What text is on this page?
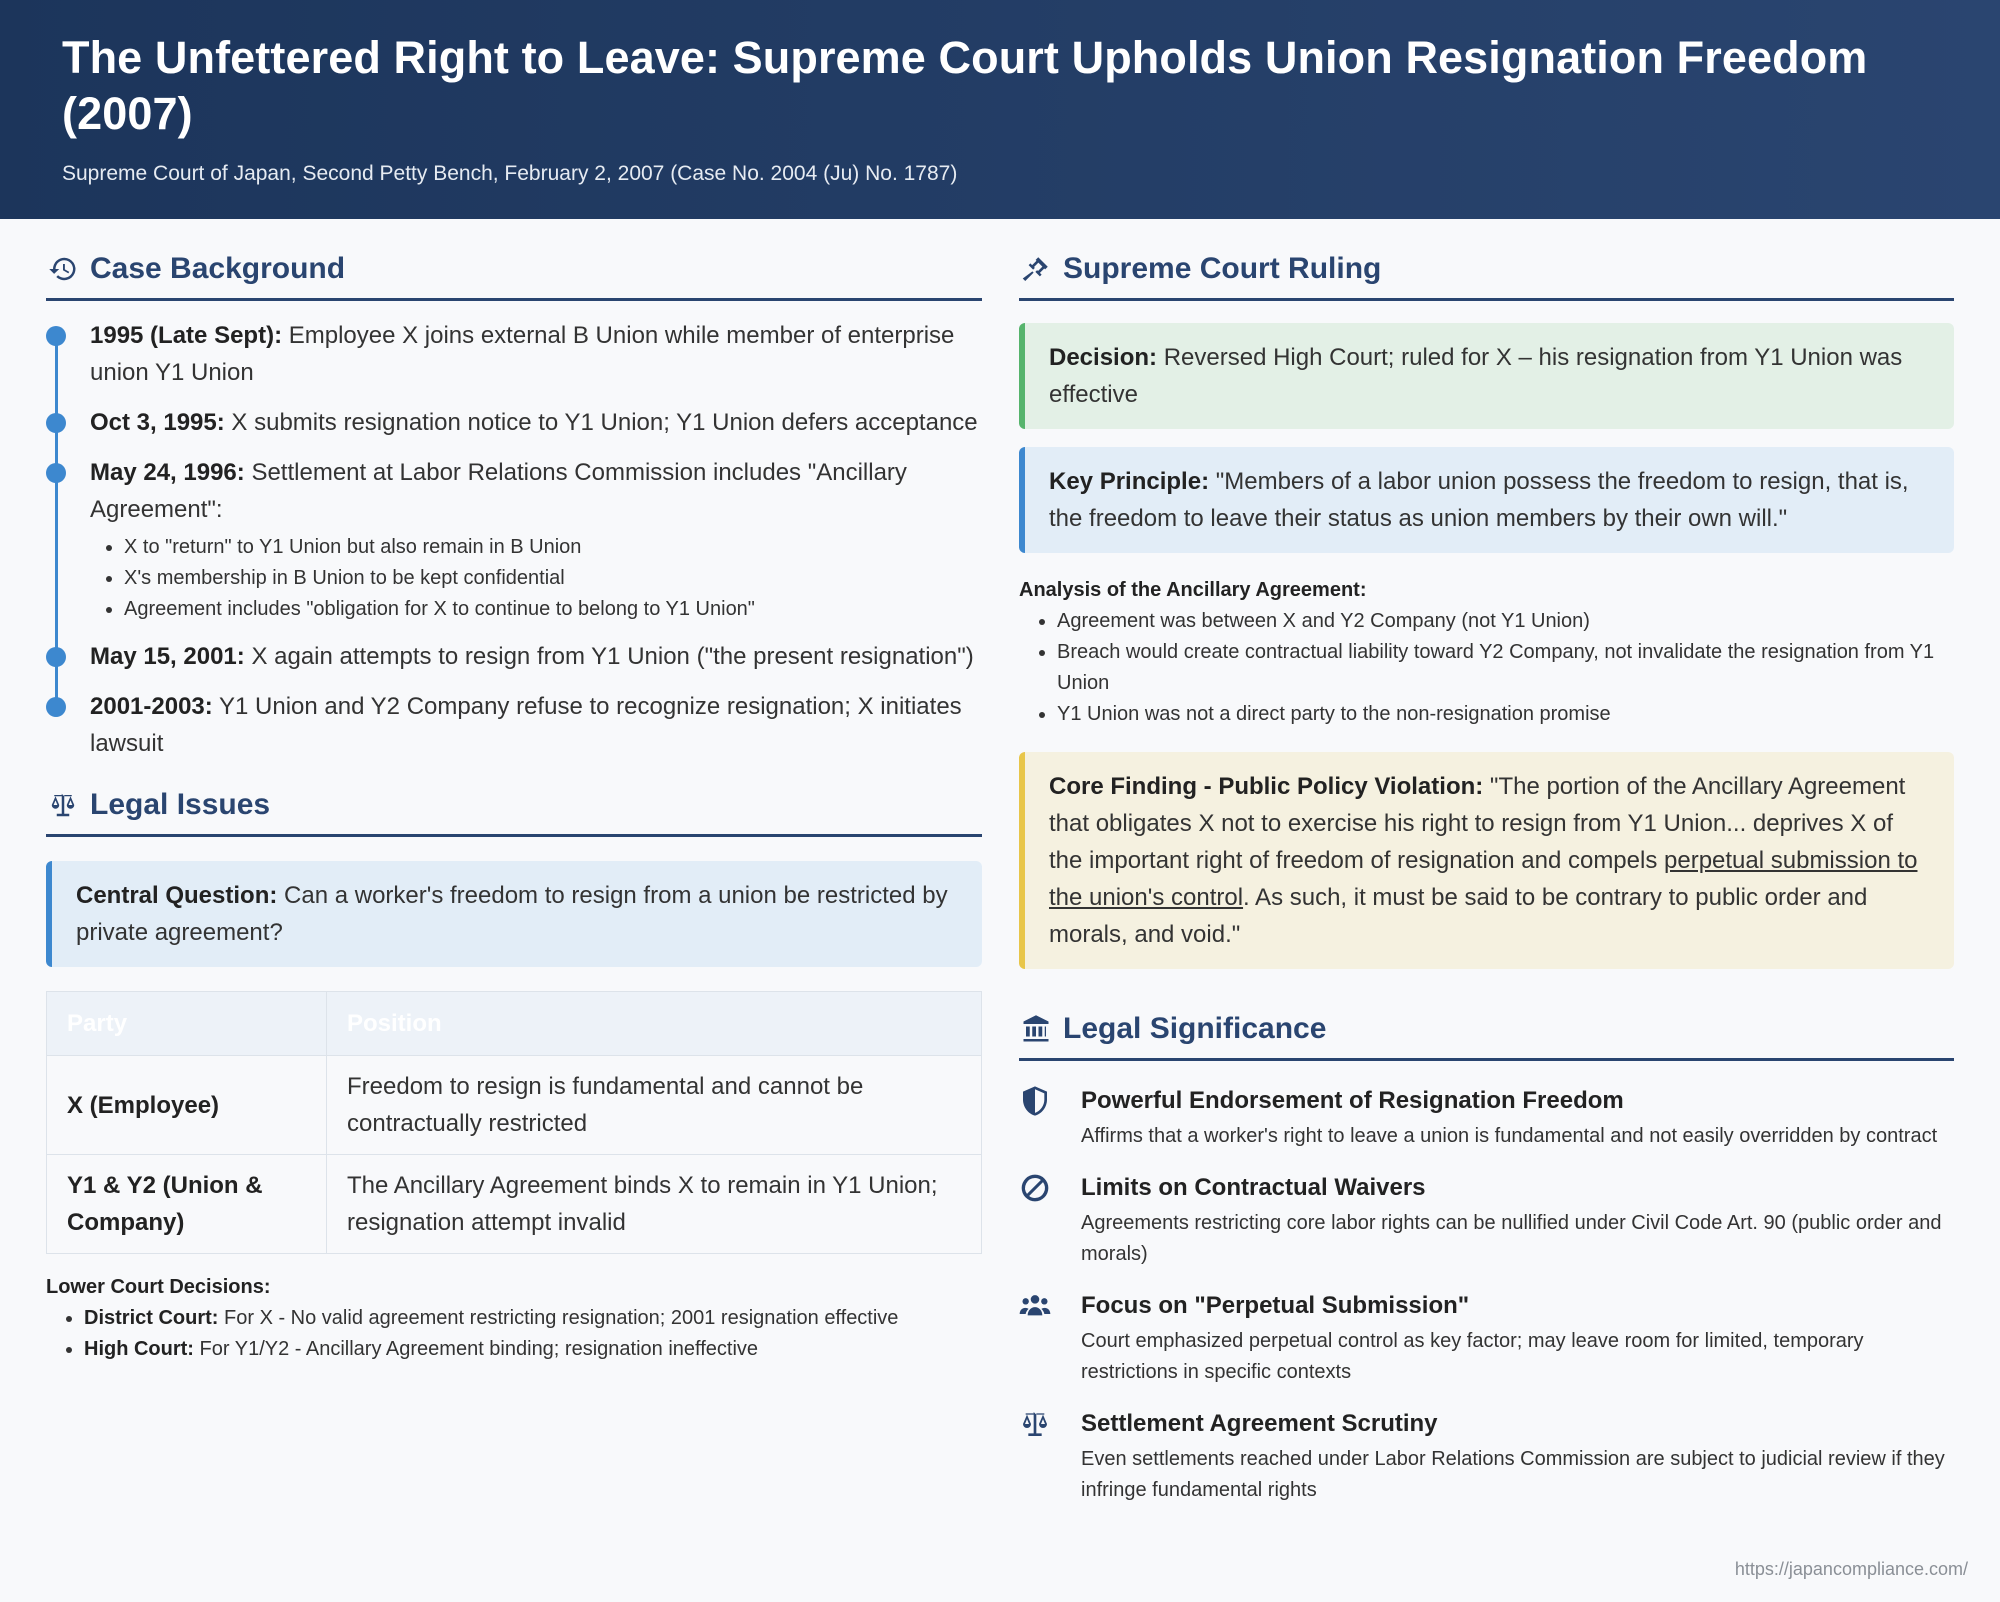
The Unfettered Right to Leave: Supreme Court Upholds Union Resignation Freedom (2007)
Supreme Court of Japan, Second Petty Bench, February 2, 2007 (Case No. 2004 (Ju) No. 1787)
Case Background
1995 (Late Sept): Employee X joins external B Union while member of enterprise union Y1 Union
Oct 3, 1995: X submits resignation notice to Y1 Union; Y1 Union defers acceptance
May 24, 1996: Settlement at Labor Relations Commission includes "Ancillary Agreement":
• X to "return" to Y1 Union but also remain in B Union
• X's membership in B Union to be kept confidential
• Agreement includes "obligation for X to continue to belong to Y1 Union"
May 15, 2001: X again attempts to resign from Y1 Union ("the present resignation")
2001-2003: Y1 Union and Y2 Company refuse to recognize resignation; X initiates lawsuit
Legal Issues
Central Question: Can a worker's freedom to resign from a union be restricted by private agreement?
Party	Position
X (Employee)	Freedom to resign is fundamental and cannot be contractually restricted
Y1 & Y2 (Union & Company)	The Ancillary Agreement binds X to remain in Y1 Union; resignation attempt invalid
Lower Court Decisions:
• District Court: For X - No valid agreement restricting resignation; 2001 resignation effective
• High Court: For Y1/Y2 - Ancillary Agreement binding; resignation ineffective
Supreme Court Ruling
Decision: Reversed High Court; ruled for X – his resignation from Y1 Union was effective
Key Principle: "Members of a labor union possess the freedom to resign, that is, the freedom to leave their status as union members by their own will."
Analysis of the Ancillary Agreement:
• Agreement was between X and Y2 Company (not Y1 Union)
• Breach would create contractual liability toward Y2 Company, not invalidate the resignation from Y1 Union
• Y1 Union was not a direct party to the non-resignation promise
Core Finding - Public Policy Violation: "The portion of the Ancillary Agreement that obligates X not to exercise his right to resign from Y1 Union... deprives X of the important right of freedom of resignation and compels perpetual submission to the union's control. As such, it must be said to be contrary to public order and morals, and void."
Legal Significance
Powerful Endorsement of Resignation Freedom

Affirms that a worker's right to leave a union is fundamental and not easily overridden by contract

Limits on Contractual Waivers

Agreements restricting core labor rights can be nullified under Civil Code Art. 90 (public order and morals)

Focus on "Perpetual Submission"

Court emphasized perpetual control as key factor; may leave room for limited, temporary restrictions in specific contexts

Settlement Agreement Scrutiny

Even settlements reached under Labor Relations Commission are subject to judicial review if they infringe fundamental rights

https://japancompliance.com/
